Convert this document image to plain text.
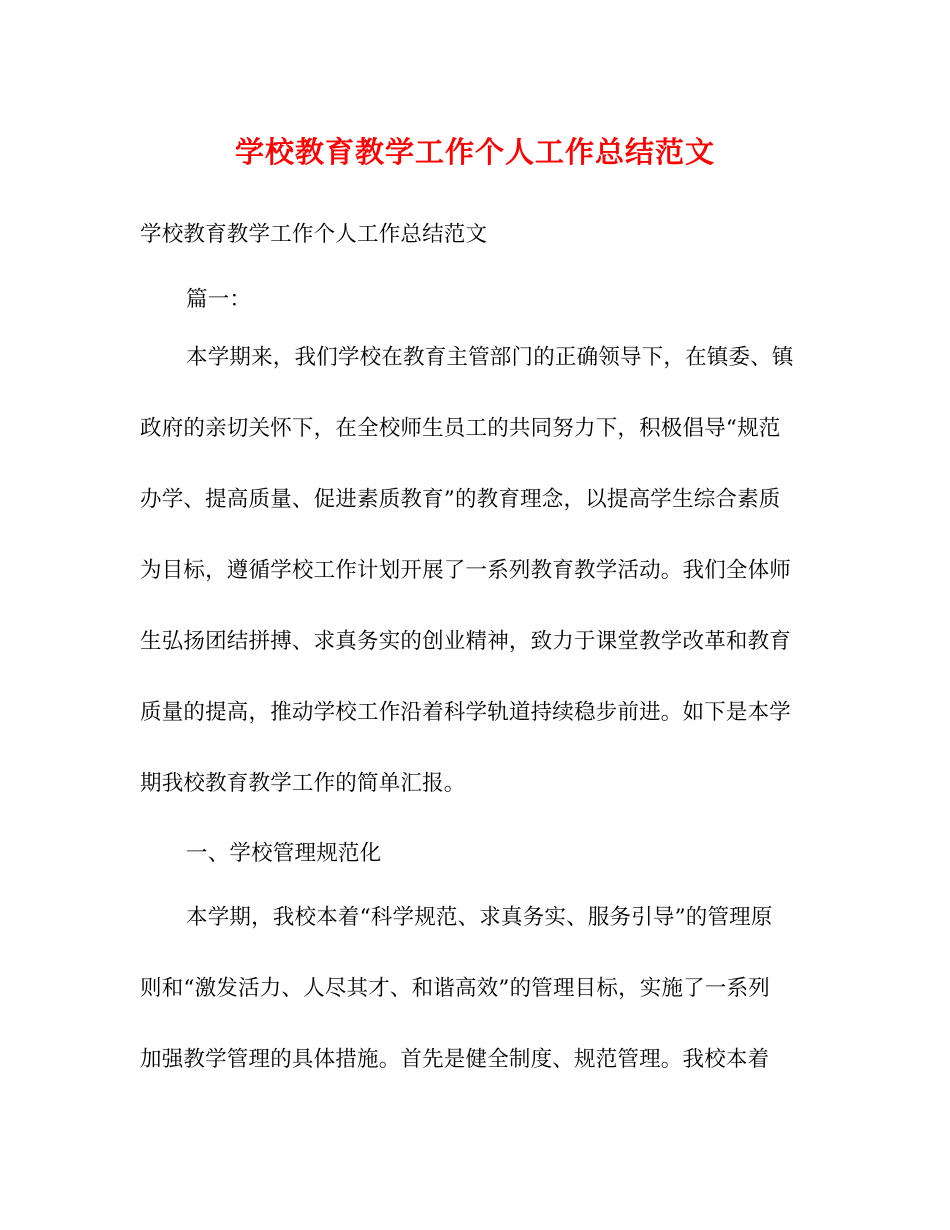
学校教育教学工作个人工作总结范文
学校教育教学工作个人工作总结范文
篇一：
本学期来，我们学校在教育主管部门的正确领导下，在镇委、镇
政府的亲切关怀下，在全校师生员工的共同努力下，积极倡导“规范
办学、提高质量、促进素质教育”的教育理念，以提高学生综合素质
为目标，遵循学校工作计划开展了一系列教育教学活动。我们全体师
生弘扬团结拼搏、求真务实的创业精神，致力于课堂教学改革和教育
质量的提高，推动学校工作沿着科学轨道持续稳步前进。如下是本学
期我校教育教学工作的简单汇报。
一、学校管理规范化
本学期，我校本着“科学规范、求真务实、服务引导”的管理原
则和“激发活力、人尽其才、和谐高效”的管理目标，实施了一系列
加强教学管理的具体措施。首先是健全制度、规范管理。我校本着
